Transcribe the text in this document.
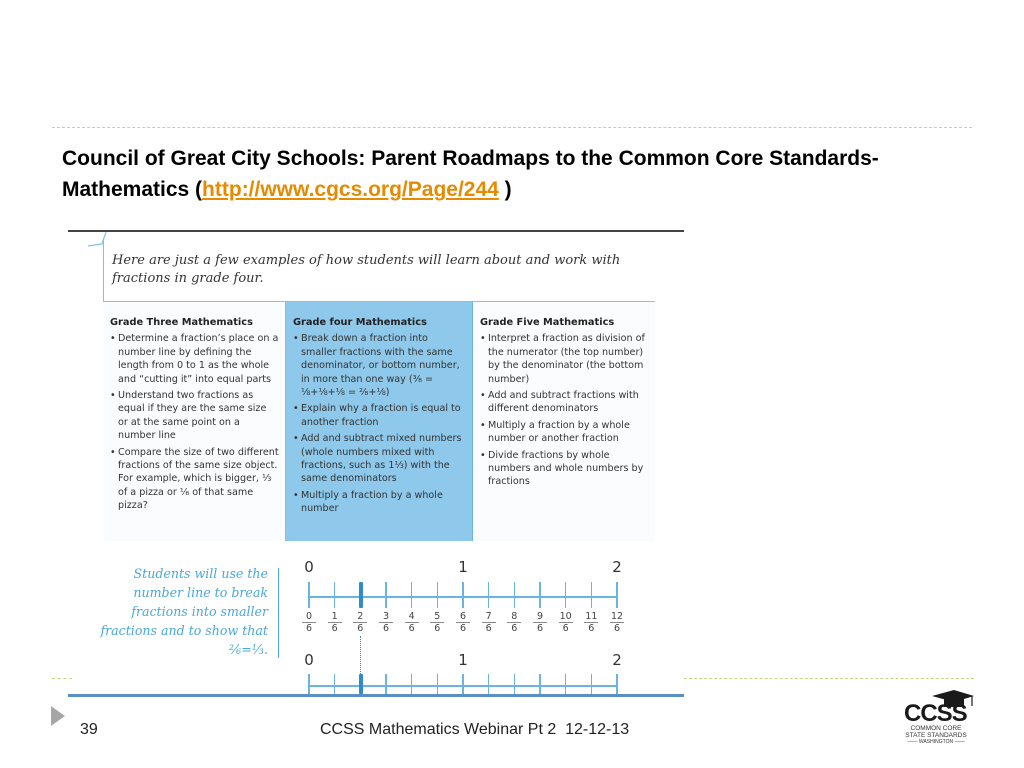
Council of Great City Schools: Parent Roadmaps to the Common Core Standards- Mathematics (http://www.cgcs.org/Page/244 )
Here are just a few examples of how students will learn about and work with fractions in grade four.
Grade Three Mathematics
• Determine a fraction’s place on a number line by defining the length from 0 to 1 as the whole and “cutting it” into equal parts
• Understand two fractions as equal if they are the same size or at the same point on a number line
• Compare the size of two different fractions of the same size object. For example, which is bigger, ⅓ of a pizza or ⅙ of that same pizza?
Grade four Mathematics
• Break down a fraction into smaller fractions with the same denominator, or bottom number, in more than one way (³⁄₈ = ⅛+⅛+⅛ = ²⁄₈+⅛)
• Explain why a fraction is equal to another fraction
• Add and subtract mixed numbers (whole numbers mixed with fractions, such as 1⅓) with the same denominators
• Multiply a fraction by a whole number
Grade Five Mathematics
• Interpret a fraction as division of the numerator (the top number) by the denominator (the bottom number)
• Add and subtract fractions with different denominators
• Multiply a fraction by a whole number or another fraction
• Divide fractions by whole numbers and whole numbers by fractions
Students will use the number line to break fractions into smaller fractions and to show that ²⁄₆=⅓.
0	1	2
$\frac{0}{6} \frac{1}{6} \frac{2}{6} \frac{3}{6} \frac{4}{6} \frac{5}{6} \frac{6}{6} \frac{7}{6} \frac{8}{6} \frac{9}{6} \frac{10}{6} \frac{11}{6} \frac{12}{6}$
0	1	2
39	CCSS Mathematics Webinar Pt 2  12-12-13
CCSS
COMMON CORE
STATE STANDARDS
—— WASHINGTON ——
